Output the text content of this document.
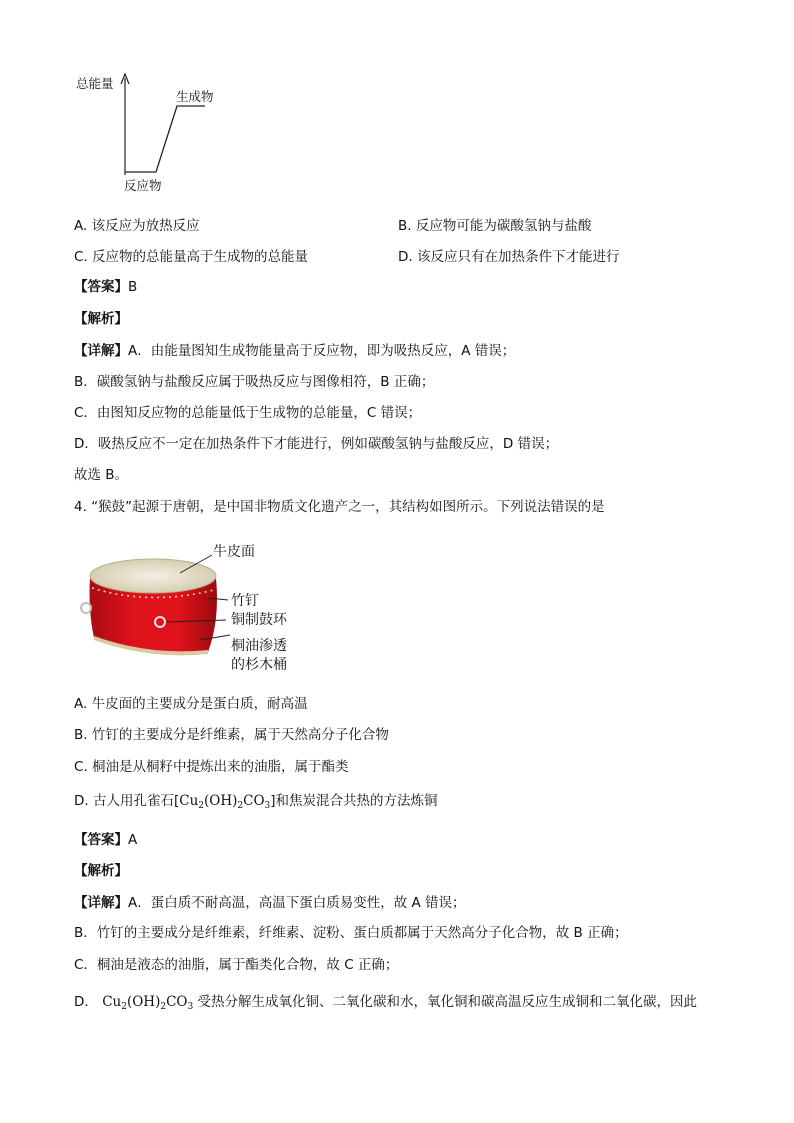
总能量
生成物
反应物
A. 该反应为放热反应	B. 反应物可能为碳酸氢钠与盐酸
C. 反应物的总能量高于生成物的总能量	D. 该反应只有在加热条件下才能进行
【答案】B
【解析】
【详解】A．由能量图知生成物能量高于反应物，即为吸热反应，A 错误；
B．碳酸氢钠与盐酸反应属于吸热反应与图像相符，B 正确；
C．由图知反应物的总能量低于生成物的总能量，C 错误；
D．吸热反应不一定在加热条件下才能进行，例如碳酸氢钠与盐酸反应，D 错误；
故选 B。
4. “猴鼓”起源于唐朝，是中国非物质文化遗产之一，其结构如图所示。下列说法错误的是
牛皮面
竹钉
铜制鼓环
桐油渗透
的杉木桶
A. 牛皮面的主要成分是蛋白质，耐高温
B. 竹钉的主要成分是纤维素，属于天然高分子化合物
C. 桐油是从桐籽中提炼出来的油脂，属于酯类
D. 古人用孔雀石$[Cu_2(OH)_2CO_3]$和焦炭混合共热的方法炼铜
【答案】A
【解析】
【详解】A．蛋白质不耐高温，高温下蛋白质易变性，故 A 错误；
B．竹钉的主要成分是纤维素，纤维素、淀粉、蛋白质都属于天然高分子化合物，故 B 正确；
C．桐油是液态的油脂，属于酯类化合物，故 C 正确；
D． $Cu_2(OH)_2CO_3$ 受热分解生成氧化铜、二氧化碳和水，氧化铜和碳高温反应生成铜和二氧化碳，因此
